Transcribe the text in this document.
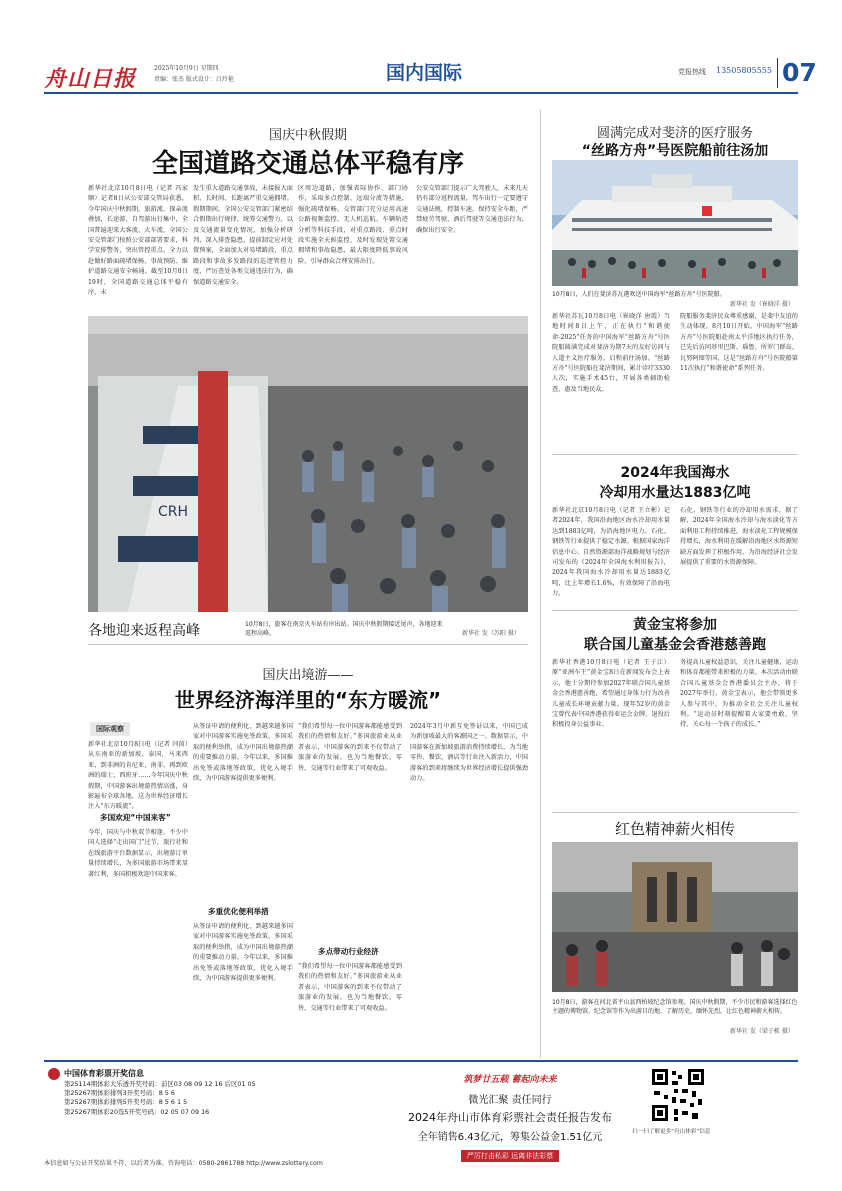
舟山日报	2025年10月9日 星期四
责编：张杰 版式设计：吕玲艳	国内国际	党报热线 13505805555 07
国庆中秋假期
全国道路交通总体平稳有序
新华社北京10月8日电（记者 冯家顺）记者8日从公安部交管局获悉，今年国庆中秋假期，旅游流、探亲流叠加，长途游、自驾游出行集中，全国普遍迎来大客流、大车流，全国公安交管部门按照公安部部署要求，科学安排警务，突出管控重点，全力以赴做好路面疏堵保畅、事故预防、维护道路交通安全畅通。截至10月8日19时，全国道路交通总体平稳有序，未
发生重大道路交通事故，未接报大面积、长时间、长距离严重交通拥堵。假期期间，全国公安交管部门紧密结合假期出行规律，统筹交通警力，以及交通流量变化情况，加强分析研判，深入排查隐患，提前制定应对处置预案，全面加大对易堵路段、重点路段和事故多发路段的巡逻管控力度，严厉查处各类交通违法行为，确保道路交通安全。
区周边道路，加强省际协作、部门协作，采取多点控制、远端分流等措施，强化疏堵保畅。交管部门充分运用高速公路视频监控、无人机巡航、车辆轨迹分析等科技手段，对重点路段、重点时段实施全天候监控，及时发现处置交通拥堵和事故隐患，最大限度降低事故风险，引导群众合理安排出行。
公安交管部门提示广大驾驶人，未来几天仍有部分返程流量，驾车出行一定要遵守交通法规，控制车速，保持安全车距，严禁疲劳驾驶、酒后驾驶等交通违法行为，确保出行安全。
CRH
各地迎来返程高峰	10月8日，旅客在南京火车站有序出站。国庆中秋假期接近尾声，各地迎来返程高峰。	新华社 发（苏阳 摄）
圆满完成对斐济的医疗服务
“丝路方舟”号医院船前往汤加
10月8日，人们在斐济苏瓦港欢送中国海军“丝路方舟”号医院船。
新华社 发（崔晓洋 摄）
新华社苏瓦10月8日电（崔晓洋 唐霞）当地时间8日上午，正在执行“和谐使命-2025”任务的中国海军“丝路方舟”号医院船圆满完成对斐济为期7天的友好访问与人道主义医疗服务，启程前往汤加。“丝路方舟”号医院船在斐济期间，累计诊疗3330人次，实施手术45台，开展各类辅助检查，惠及当地民众。
院船服务斐济民众尊重感谢，是斐中友谊的生动体现。8月10日开始，中国海军“丝路方舟”号医院船赴南太平洋地区执行任务，已先后访问基里巴斯、瑙鲁、所罗门群岛、瓦努阿图等国，这是“丝路方舟”号医院船第11次执行“和谐使命”系列任务。
2024年我国海水
冷却用水量达1883亿吨
新华社北京10月8日电（记者 王立彬）记者2024年，我国沿海地区海水冷却用水量达到1883亿吨，为沿海地区电力、石化、钢铁等行业提供了稳定水源。根据国家海洋信息中心、自然资源部海洋战略规划与经济司发布的《2024年全国海水利用报告》，2024年我国海水冷却用水量达1883亿吨，比上年增长1.6%，有效保障了沿海电力、
石化、钢铁等行业的冷却用水需求。据了解，2024年全国海水冷却与海水淡化等方面利用工程持续推进，海水淡化工程规模保持增长，海水利用在缓解沿海地区水资源短缺方面发挥了积极作用，为沿海经济社会发展提供了重要的水资源保障。
黄金宝将参加
联合国儿童基金会香港慈善跑
新华社香港10月8日电（记者 王子江）原“亚洲车王”黄金宝8日在新闻发布会上表示，他十分期待参加2027年联合国儿童基金会香港慈善跑，希望通过身体力行为改善儿童成长环境贡献力量。现年52岁的黄金宝曾代表中国香港获得亚运会金牌，退役后积极投身公益事业。
务提高儿童权益意识，关注儿童健康，运动和体育都能带来积极的力量。本次活动由联合国儿童基金会香港委员会主办，将于2027年举行。黄金宝表示，他会带领更多人参与其中，为推动全社会关注儿童权利。“运动员时刻提醒着大家要勇敢、坚持，关心每一个孩子的成长。”
红色精神薪火相传
10月8日，游客在河北省平山县西柏坡纪念馆参观。国庆中秋假期，不少市民和游客选择红色主题的博物馆、纪念馆等作为出游目的地，了解历史，缅怀先烈，让红色精神薪火相传。
新华社 发（梁子栋 摄）
国庆出境游——
世界经济海洋里的“东方暖流”
国际观察
新华社北京10月8日电（记者 闫茵）从东南亚的新加坡、泰国，马来西亚，到非洲的肯尼亚、南非，再到欧洲的瑞士、西班牙……今年国庆中秋假期，中国游客出境游热情高涨，身影遍布全球各地，这为世界经济增长注入“东方暖流”。
多国欢迎“中国来客”
今年，国庆与中秋双节相逢，不少中国人选择“走出国门”过节，旅行社和在线旅游平台数据显示，出境游订单量持续增长，为多国旅游市场带来显著红利，多国积极欢迎中国来客。
从签证申请的便利化，到越来越多国家对中国游客实施免签政策，多国采取的便利举措，成为中国出境游热潮的重要推动力量。今年以来，多国推出免签或落地签政策，优化入境手续，为中国游客提供更多便利。
多重优化便利举措
从签证申请的便利化，到越来越多国家对中国游客实施免签政策，多国采取的便利举措，成为中国出境游热潮的重要推动力量。今年以来，多国推出免签或落地签政策，优化入境手续，为中国游客提供更多便利。
“我们希望每一位中国游客都能感受到我们的热情和友好。”多国旅游业从业者表示，中国游客的到来不仅带动了旅游业的发展，也为当地餐饮、零售、交通等行业带来了可观收益。
多点带动行业经济
“我们希望每一位中国游客都能感受到我们的热情和友好。”多国旅游业从业者表示，中国游客的到来不仅带动了旅游业的发展，也为当地餐饮、零售、交通等行业带来了可观收益。
2024年3月中新互免签证以来，中国已成为新加坡最大的客源国之一。数据显示，中国游客在新加坡旅游消费持续增长，为当地零售、餐饮、酒店等行业注入新活力，中国游客的到来将继续为世界经济增长提供强劲动力。
中国体育彩票开奖信息
第25114期体彩大乐透开奖号码：前区03 08 09 12 16 后区01 05
第25267期体彩排列3开奖号码：8 5 6
第25267期体彩排列5开奖号码：8 5 6 1 5
第25267期体彩20选5开奖号码：02 05 07 09 16
本信息如与公证开奖结果不符，以后者为准。咨询电话：0580-2861788 http://www.zslottery.com
筑梦廿五载 蓄起向未来
微光汇聚 责任同行
2024年舟山市体育彩票社会责任报告发布
全年销售6.43亿元，筹集公益金1.51亿元
严厉打击私彩 远离非法彩票
扫一扫了解更多“舟山体彩”信息
